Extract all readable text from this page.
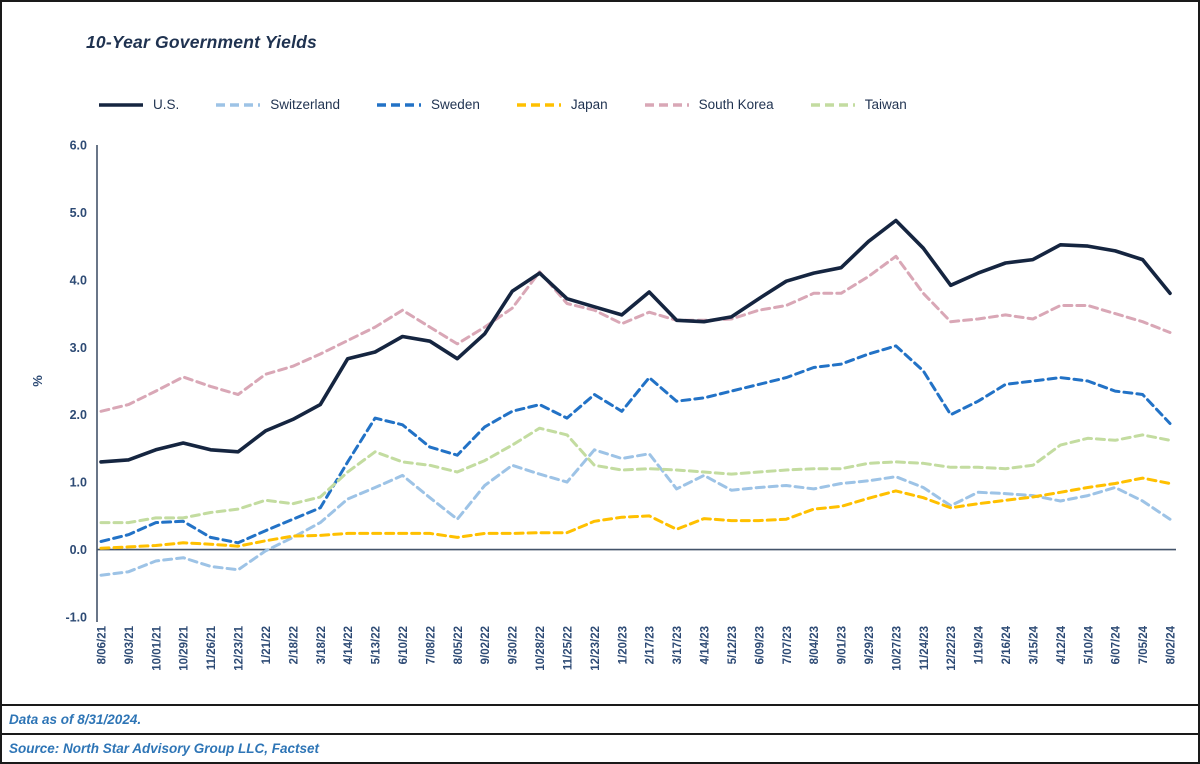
10-Year Government Yields
U.S.	Switzerland	Sweden	Japan	South Korea	Taiwan
6.0
5.0
4.0
3.0
2.0
1.0
0.0
-1.0
%
8/06/21 9/03/21 10/01/21 10/29/21 11/26/21 12/23/21 1/21/22 2/18/22 3/18/22 4/14/22 5/13/22 6/10/22 7/08/22 8/05/22 9/02/22 9/30/22 10/28/22 11/25/22 12/23/22 1/20/23 2/17/23 3/17/23 4/14/23 5/12/23 6/09/23 7/07/23 8/04/23 9/01/23 9/29/23 10/27/23 11/24/23 12/22/23 1/19/24 2/16/24 3/15/24 4/12/24 5/10/24 6/07/24 7/05/24 8/02/24
Data as of 8/31/2024.
Source: North Star Advisory Group LLC, Factset
